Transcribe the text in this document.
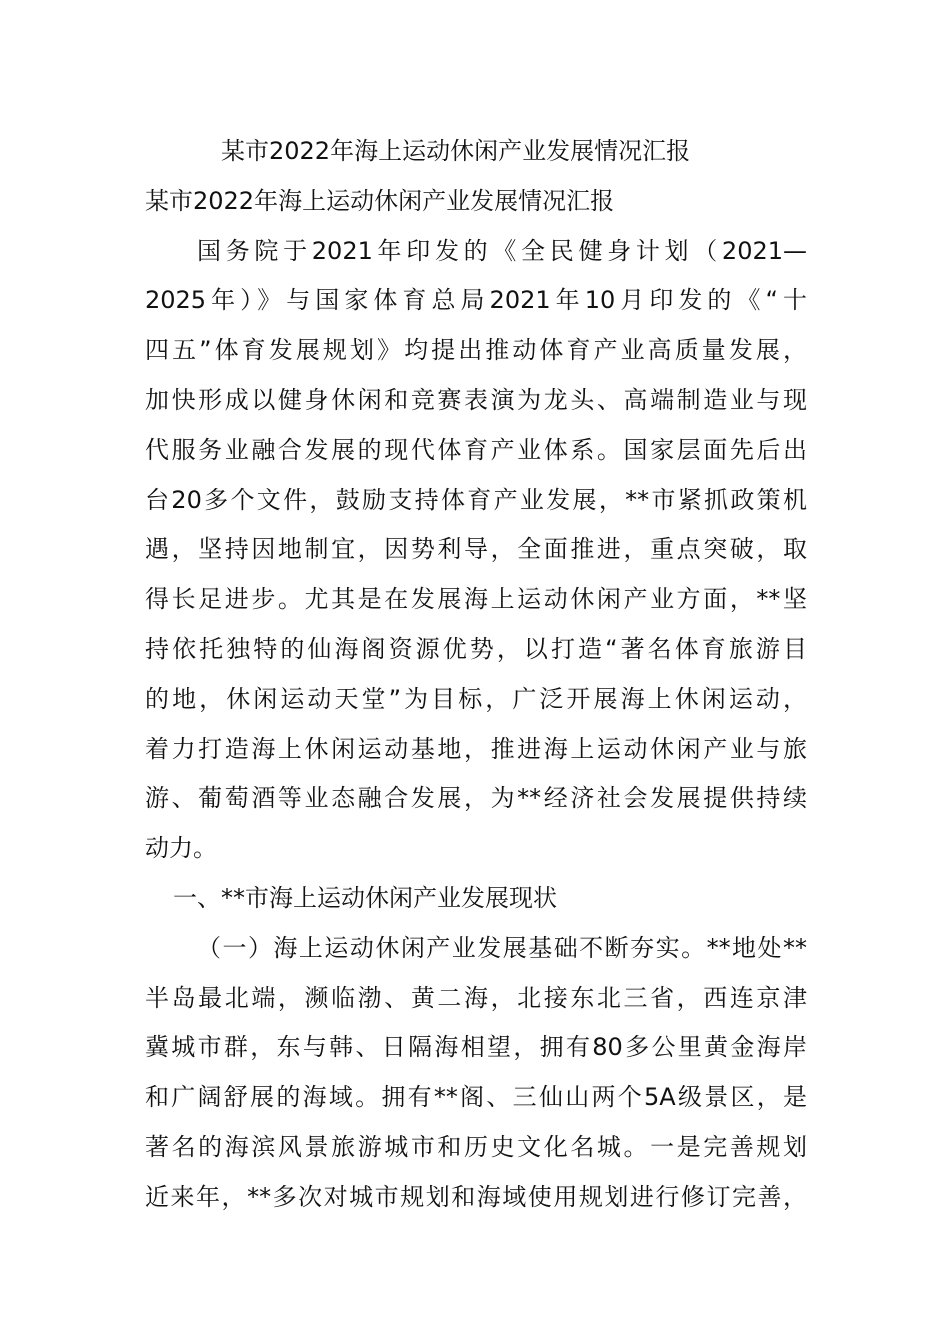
某市2022年海上运动休闲产业发展情况汇报
某市2022年海上运动休闲产业发展情况汇报
国务院于2021年印发的《全民健身计划（2021—
2025年）》与国家体育总局2021年10月印发的《“十
四五”体育发展规划》均提出推动体育产业高质量发展，
加快形成以健身休闲和竞赛表演为龙头、高端制造业与现
代服务业融合发展的现代体育产业体系。国家层面先后出
台20多个文件，鼓励支持体育产业发展，**市紧抓政策机
遇，坚持因地制宜，因势利导，全面推进，重点突破，取
得长足进步。尤其是在发展海上运动休闲产业方面，**坚
持依托独特的仙海阁资源优势，以打造“著名体育旅游目
的地，休闲运动天堂”为目标，广泛开展海上休闲运动，
着力打造海上休闲运动基地，推进海上运动休闲产业与旅
游、葡萄酒等业态融合发展，为**经济社会发展提供持续
动力。
一、**市海上运动休闲产业发展现状
（一）海上运动休闲产业发展基础不断夯实。**地处**
半岛最北端，濒临渤、黄二海，北接东北三省，西连京津
冀城市群，东与韩、日隔海相望，拥有80多公里黄金海岸
和广阔舒展的海域。拥有**阁、三仙山两个5A级景区，是
著名的海滨风景旅游城市和历史文化名城。一是完善规划
近来年，**多次对城市规划和海域使用规划进行修订完善，
